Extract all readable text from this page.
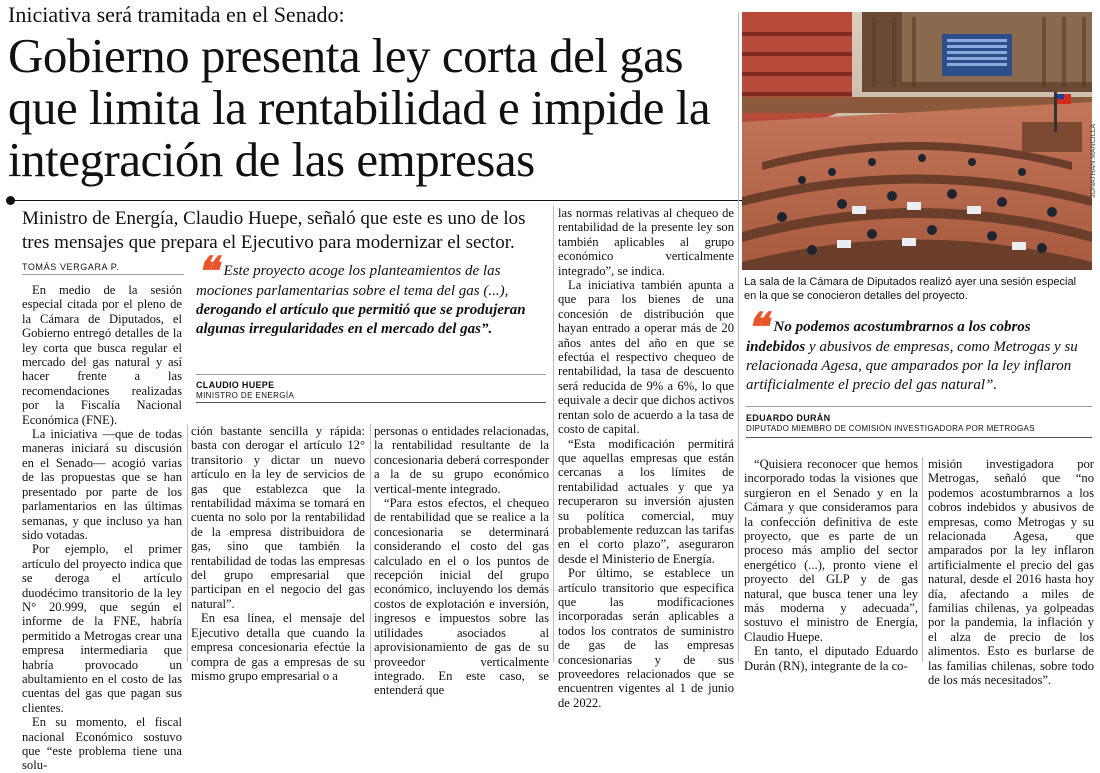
Iniciativa será tramitada en el Senado:
Gobierno presenta ley corta del gas que limita la rentabilidad e impide la integración de las empresas
Ministro de Energía, Claudio Huepe, señaló que este es uno de los tres mensajes que prepara el Ejecutivo para modernizar el sector.
TOMÁS VERGARA P.

En medio de la sesión especial citada por el pleno de la Cámara de Diputados, el Gobierno entregó detalles de la ley corta que busca regular el mercado del gas natural y así hacer frente a las recomendaciones realizadas por la Fiscalía Nacional Económica (FNE).

La iniciativa —que de todas maneras iniciará su discusión en el Senado— acogió varias de las propuestas que se han presentado por parte de los parlamentarios en las últimas semanas, y que incluso ya han sido votadas.

Por ejemplo, el primer artículo del proyecto indica que se deroga el artículo duodécimo transitorio de la ley N° 20.999, que según el informe de la FNE, habría permitido a Metrogas crear una empresa intermediaria que habría provocado un abultamiento en el costo de las cuentas del gas que pagan sus clientes.

En su momento, el fiscal nacional Económico sostuvo que “este problema tiene una solu-

❝ Este proyecto acoge los planteamientos de las mociones parlamentarias sobre el tema del gas (...), derogando el artículo que permitió que se produjeran algunas irregularidades en el mercado del gas”.
CLAUDIO HUEPE
MINISTRO DE ENERGÍA

ción bastante sencilla y rápida: basta con derogar el artículo 12° transitorio y dictar un nuevo artículo en la ley de servicios de gas que establezca que la rentabilidad máxima se tomará en cuenta no solo por la rentabilidad de la empresa distribuidora de gas, sino que también la rentabilidad de todas las empresas del grupo empresarial que participan en el negocio del gas natural”.

En esa línea, el mensaje del Ejecutivo detalla que cuando la empresa concesionaria efectúe la compra de gas a empresas de su mismo grupo empresarial o a

personas o entidades relacionadas, la rentabilidad resultante de la concesionaria deberá corresponder a la de su grupo económico vertical-mente integrado.

“Para estos efectos, el chequeo de rentabilidad que se realice a la concesionaria se determinará considerando el costo del gas calculado en el o los puntos de recepción inicial del grupo económico, incluyendo los demás costos de explotación e inversión, ingresos e impuestos sobre las utilidades asociados al aprovisionamiento de gas de su proveedor verticalmente integrado. En este caso, se entenderá que

las normas relativas al chequeo de rentabilidad de la presente ley son también aplicables al grupo económico verticalmente integrado”, se indica.

La iniciativa también apunta a que para los bienes de una concesión de distribución que hayan entrado a operar más de 20 años antes del año en que se efectúa el respectivo chequeo de rentabilidad, la tasa de descuento será reducida de 9% a 6%, lo que equivale a decir que dichos activos rentan solo de acuerdo a la tasa de costo de capital.

“Esta modificación permitirá que aquellas empresas que están cercanas a los límites de rentabilidad actuales y que ya recuperaron su inversión ajusten su política comercial, muy probablemente reduzcan las tarifas en el corto plazo”, aseguraron desde el Ministerio de Energía.

Por último, se establece un artículo transitorio que especifica que las modificaciones incorporadas serán aplicables a todos los contratos de suministro de gas de las empresas concesionarias y de sus proveedores relacionados que se encuentren vigentes al 1 de junio de 2022.

JONATHAN MANCILLA
La sala de la Cámara de Diputados realizó ayer una sesión especial en la que se conocieron detalles del proyecto.
❝ No podemos acostumbrarnos a los cobros indebidos y abusivos de empresas, como Metrogas y su relacionada Agesa, que amparados por la ley inflaron artificialmente el precio del gas natural”.
EDUARDO DURÁN
DIPUTADO MIEMBRO DE COMISIÓN INVESTIGADORA POR METROGAS

“Quisiera reconocer que hemos incorporado todas la visiones que surgieron en el Senado y en la Cámara y que consideramos para la confección definitiva de este proyecto, que es parte de un proceso más amplio del sector energético (...), pronto viene el proyecto del GLP y de gas natural, que busca tener una ley más moderna y adecuada”, sostuvo el ministro de Energía, Claudio Huepe.

En tanto, el diputado Eduardo Durán (RN), integrante de la co-

misión investigadora por Metrogas, señaló que “no podemos acostumbrarnos a los cobros indebidos y abusivos de empresas, como Metrogas y su relacionada Agesa, que amparados por la ley inflaron artificialmente el precio del gas natural, desde el 2016 hasta hoy día, afectando a miles de familias chilenas, ya golpeadas por la pandemia, la inflación y el alza de precio de los alimentos. Esto es burlarse de las familias chilenas, sobre todo de los más necesitados”.
